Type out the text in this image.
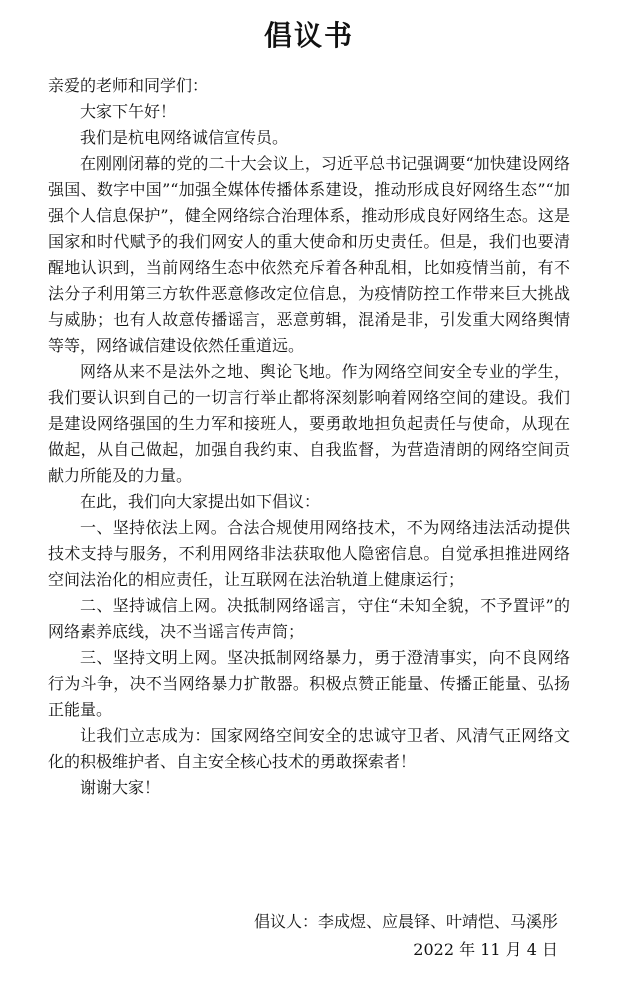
倡议书

亲爱的老师和同学们：

大家下午好！

我们是杭电网络诚信宣传员。

在刚刚闭幕的党的二十大会议上，习近平总书记强调要“加快建设网络强国、数字中国”“加强全媒体传播体系建设，推动形成良好网络生态”“加强个人信息保护”，健全网络综合治理体系，推动形成良好网络生态。这是国家和时代赋予的我们网安人的重大使命和历史责任。但是，我们也要清醒地认识到，当前网络生态中依然充斥着各种乱相，比如疫情当前，有不法分子利用第三方软件恶意修改定位信息，为疫情防控工作带来巨大挑战与威胁；也有人故意传播谣言，恶意剪辑，混淆是非，引发重大网络舆情等等，网络诚信建设依然任重道远。

网络从来不是法外之地、舆论飞地。作为网络空间安全专业的学生，我们要认识到自己的一切言行举止都将深刻影响着网络空间的建设。我们是建设网络强国的生力军和接班人，要勇敢地担负起责任与使命，从现在做起，从自己做起，加强自我约束、自我监督，为营造清朗的网络空间贡献力所能及的力量。

在此，我们向大家提出如下倡议：

一、坚持依法上网。合法合规使用网络技术，不为网络违法活动提供技术支持与服务，不利用网络非法获取他人隐密信息。自觉承担推进网络空间法治化的相应责任，让互联网在法治轨道上健康运行；

二、坚持诚信上网。决抵制网络谣言，守住“未知全貌，不予置评”的网络素养底线，决不当谣言传声筒；

三、坚持文明上网。坚决抵制网络暴力，勇于澄清事实，向不良网络行为斗争，决不当网络暴力扩散器。积极点赞正能量、传播正能量、弘扬正能量。

让我们立志成为：国家网络空间安全的忠诚守卫者、风清气正网络文化的积极维护者、自主安全核心技术的勇敢探索者！

谢谢大家！

倡议人：李成煜、应晨铎、叶靖恺、马溪彤
2022 年 11 月 4 日
